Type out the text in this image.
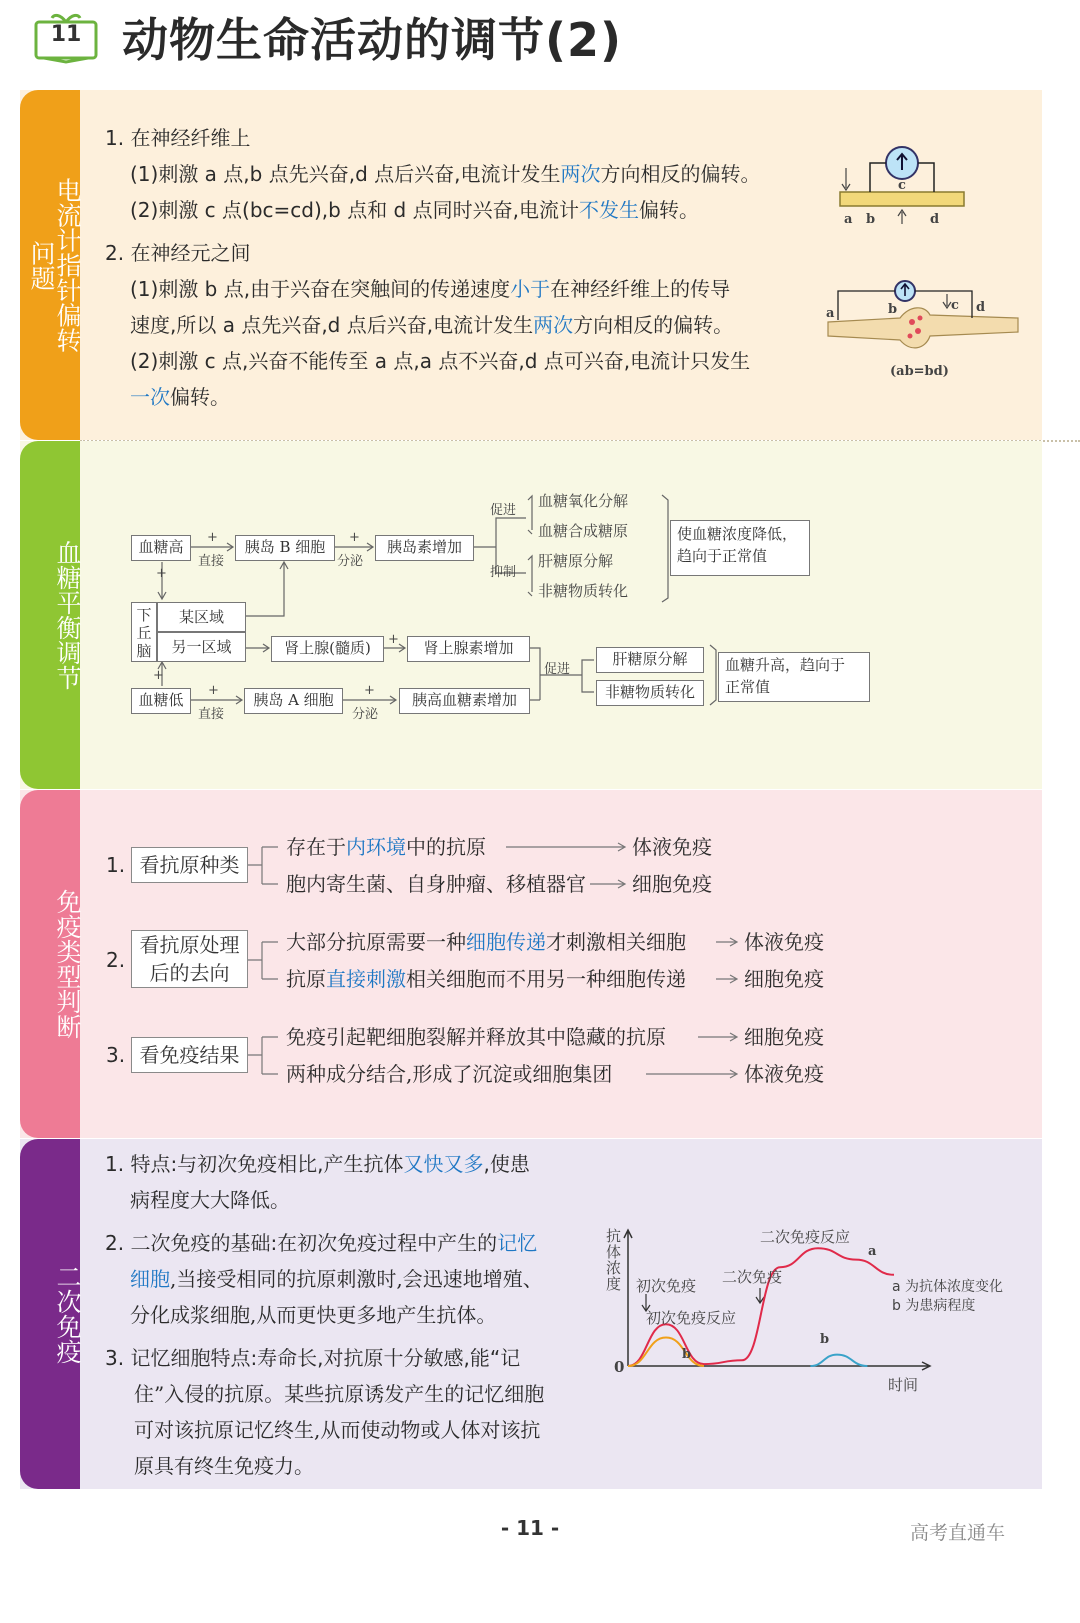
11 动物生命活动的调节(2)
电流计指针偏转问题
1. 在神经纤维上
(1)刺激 a 点,b 点先兴奋,d 点后兴奋,电流计发生两次方向相反的偏转。
(2)刺激 c 点(bc=cd),b 点和 d 点同时兴奋,电流计不发生偏转。
2. 在神经元之间
(1)刺激 b 点,由于兴奋在突触间的传递速度小于在神经纤维上的传导
速度,所以 a 点先兴奋,d 点后兴奋,电流计发生两次方向相反的偏转。
(2)刺激 c 点,兴奋不能传至 a 点,a 点不兴奋,d 点可兴奋,电流计只发生
一次偏转。
a b
c
d
a	b	c d
(ab=bd)
血糖平衡调节	血糖高	胰岛 B 细胞	胰岛素增加
+
直接
+
分泌
促进
抑制
血糖氧化分解
血糖合成糖原
肝糖原分解
非糖物质转化
使血糖浓度降低，
趋向于正常值
+
下丘脑
某区域
另一区域	肾上腺(髓质)	+	肾上腺素增加
+
血糖低
+
直接
胰岛 A 细胞
+
分泌
胰高血糖素增加
促进
肝糖原分解
非糖物质转化
血糖升高，趋向于
正常值
免疫类型判断
1. 看抗原种类
存在于内环境中的抗原	体液免疫
胞内寄生菌、自身肿瘤、移植器官 细胞免疫
2.
看抗原处理
后的去向
大部分抗原需要一种细胞传递才刺激相关细胞	体液免疫
抗原直接刺激相关细胞而不用另一种细胞传递	细胞免疫
3. 看免疫结果
免疫引起靶细胞裂解并释放其中隐藏的抗原	细胞免疫
两种成分结合,形成了沉淀或细胞集团	体液免疫
二次免疫
1. 特点:与初次免疫相比,产生抗体又快又多,使患
病程度大大降低。
2. 二次免疫的基础:在初次免疫过程中产生的记忆
细胞,当接受相同的抗原刺激时,会迅速地增殖、
分化成浆细胞,从而更快更多地产生抗体。
3. 记忆细胞特点:寿命长,对抗原十分敏感,能“记
住”入侵的抗原。某些抗原诱发产生的记忆细胞
可对该抗原记忆终生,从而使动物或人体对该抗
原具有终生免疫力。
抗体浓度
时间
0
初次免疫
初次免疫反应
二次免疫
二次免疫反应
a
b
b
a 为抗体浓度变化
b 为患病程度
- 11 -	高考直通车
